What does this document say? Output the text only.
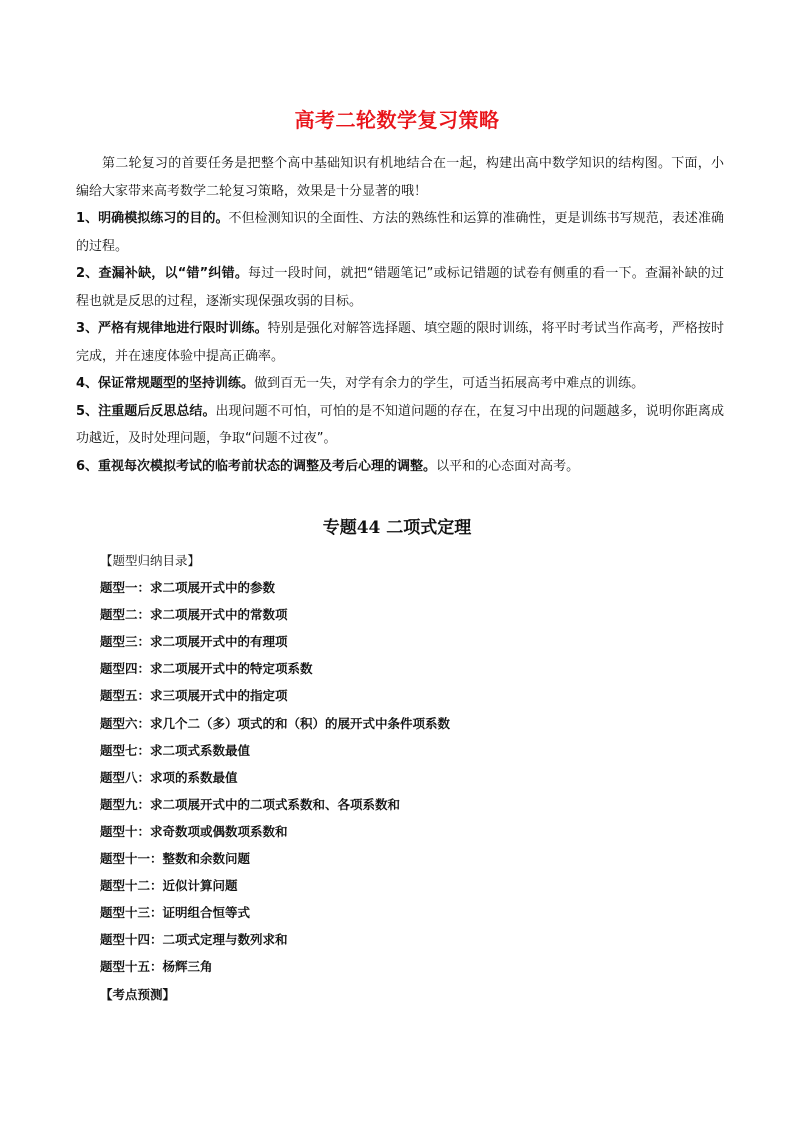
高考二轮数学复习策略

第二轮复习的首要任务是把整个高中基础知识有机地结合在一起，构建出高中数学知识的结构图。下面，小编给大家带来高考数学二轮复习策略，效果是十分显著的哦！

1、明确模拟练习的目的。不但检测知识的全面性、方法的熟练性和运算的准确性，更是训练书写规范，表述准确的过程。

2、查漏补缺，以“错”纠错。每过一段时间，就把“错题笔记”或标记错题的试卷有侧重的看一下。查漏补缺的过程也就是反思的过程，逐渐实现保强攻弱的目标。

3、严格有规律地进行限时训练。特别是强化对解答选择题、填空题的限时训练，将平时考试当作高考，严格按时完成，并在速度体验中提高正确率。

4、保证常规题型的坚持训练。做到百无一失，对学有余力的学生，可适当拓展高考中难点的训练。

5、注重题后反思总结。出现问题不可怕，可怕的是不知道问题的存在，在复习中出现的问题越多，说明你距离成功越近，及时处理问题，争取“问题不过夜”。

6、重视每次模拟考试的临考前状态的调整及考后心理的调整。以平和的心态面对高考。

专题44 二项式定理
【题型归纳目录】
题型一：求二项展开式中的参数
题型二：求二项展开式中的常数项
题型三：求二项展开式中的有理项
题型四：求二项展开式中的特定项系数
题型五：求三项展开式中的指定项
题型六：求几个二（多）项式的和（积）的展开式中条件项系数
题型七：求二项式系数最值
题型八：求项的系数最值
题型九：求二项展开式中的二项式系数和、各项系数和
题型十：求奇数项或偶数项系数和
题型十一：整数和余数问题
题型十二：近似计算问题
题型十三：证明组合恒等式
题型十四：二项式定理与数列求和
题型十五：杨辉三角
【考点预测】
